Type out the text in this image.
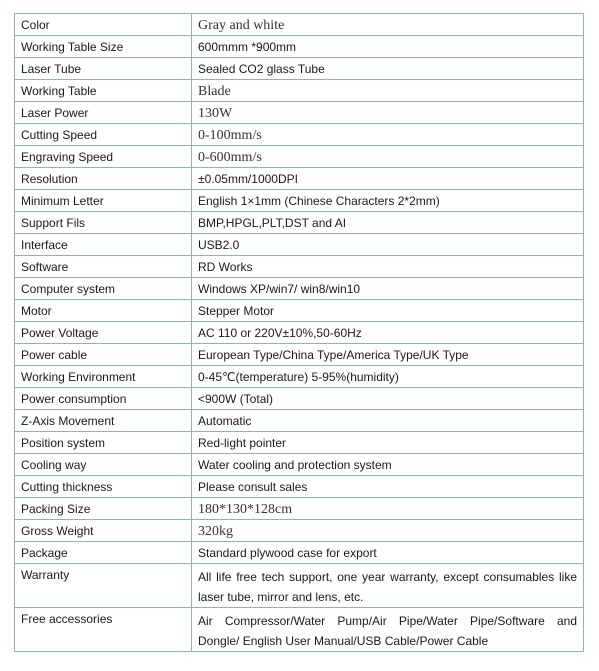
Color	Gray and white
Working Table Size	600mmm *900mm
Laser Tube	Sealed CO2 glass Tube
Working Table	Blade
Laser Power	130W
Cutting Speed	0-100mm/s
Engraving Speed	0-600mm/s
Resolution	±0.05mm/1000DPI
Minimum Letter	English 1×1mm (Chinese Characters 2*2mm)
Support Fils	BMP,HPGL,PLT,DST and AI
Interface	USB2.0
Software	RD Works
Computer system	Windows XP/win7/ win8/win10
Motor	Stepper Motor
Power Voltage	AC 110 or 220V±10%,50-60Hz
Power cable	European Type/China Type/America Type/UK Type
Working Environment	0-45℃(temperature) 5-95%(humidity)
Power consumption	<900W (Total)
Z-Axis Movement	Automatic
Position system	Red-light pointer
Cooling way	Water cooling and protection system
Cutting thickness	Please consult sales
Packing Size	180*130*128cm
Gross Weight	320kg
Package	Standard plywood case for export
Warranty	All life free tech support, one year warranty, except consumables like laser tube, mirror and lens, etc.
Free accessories	Air Compressor/Water Pump/Air Pipe/Water Pipe/Software and Dongle/ English User Manual/USB Cable/Power Cable
